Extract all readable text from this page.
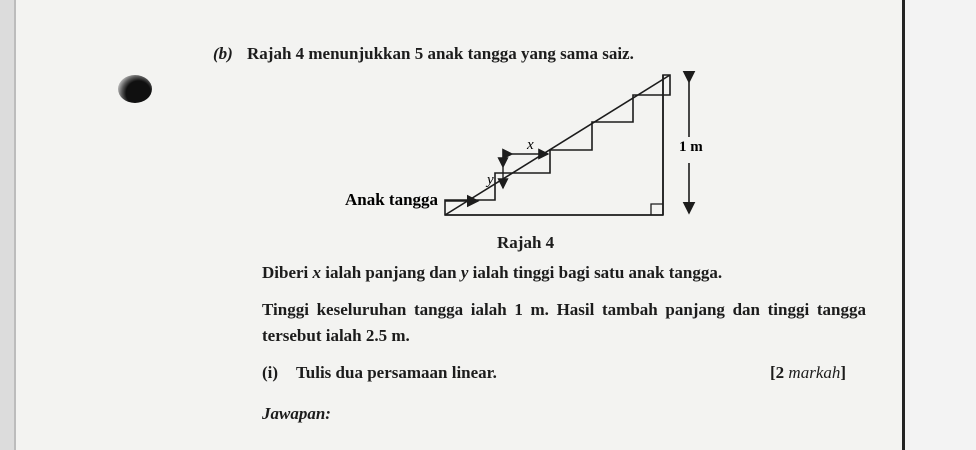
(b) Rajah 4 menunjukkan 5 anak tangga yang sama saiz.
x
y
1 m
Anak tangga
Rajah 4
Diberi x ialah panjang dan y ialah tinggi bagi satu anak tangga.
Tinggi keseluruhan tangga ialah 1 m. Hasil tambah panjang dan tinggi tangga tersebut ialah 2.5 m.
(i) Tulis dua persamaan linear.	[2 markah]
Jawapan:
